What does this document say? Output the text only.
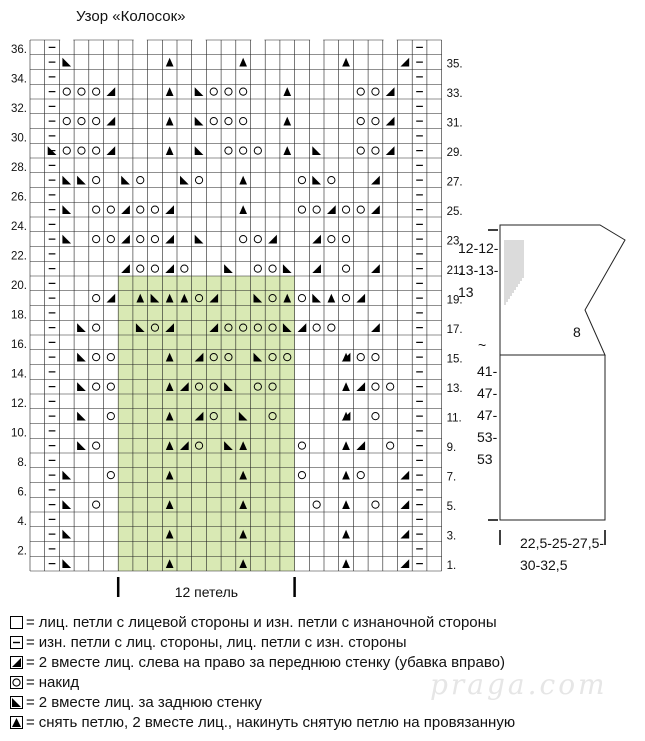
36.
34.
32.
30.
28.
26.
24.
22.
20.
18.
16.
14.
12.
10.
8.
6.
4.
2.
35.
33.
31.
29.
27.
25.
23.
21.
19.
17.
15.
13.
11.
9.
7.
5.
3.
1.
12 петель
12-12-
13-13-
13
8
~
41-
47-
47-
53-
53
22,5-25-27,5-
30-32,5
Узор «Колосок»
= лиц. петли с лицевой стороны и изн. петли с изнаночной стороны
= изн. петли с лиц. стороны, лиц. петли с изн. стороны
= 2 вместе лиц. слева на право за переднюю стенку (убавка вправо)
= накид
= 2 вместе лиц. за заднюю стенку
= снять петлю, 2 вместе лиц., накинуть снятую петлю на провязанную
praga.com
